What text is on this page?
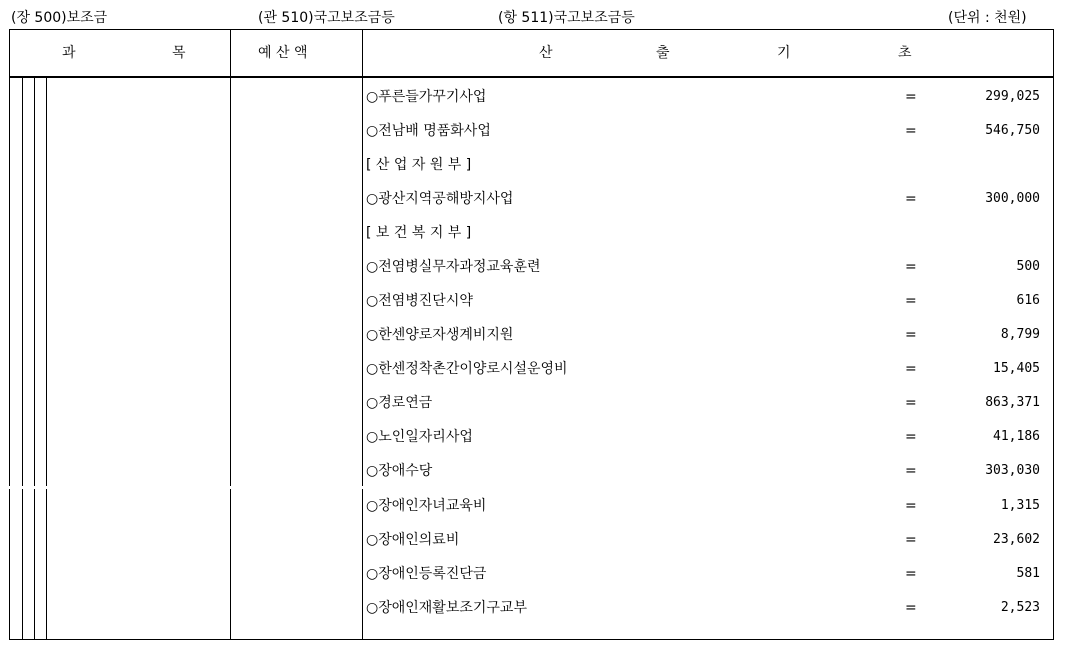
(장 500)보조금	(관 510)국고보조금등	(항 511)국고보조금등	(단위 : 천원)
과	목	예 산 액	산	출	기	초
○푸른들가꾸기사업	=	299,025
○전남배 명품화사업	=	546,750
[ 산 업 자 원 부 ]
○광산지역공해방지사업	=	300,000
[ 보 건 복 지 부 ]
○전염병실무자과정교육훈련	=	500
○전염병진단시약	=	616
○한센양로자생계비지원	=	8,799
○한센정착촌간이양로시설운영비	=	15,405
○경로연금	=	863,371
○노인일자리사업	=	41,186
○장애수당	=	303,030
○장애인자녀교육비	=	1,315
○장애인의료비	=	23,602
○장애인등록진단금	=	581
○장애인재활보조기구교부	=	2,523
